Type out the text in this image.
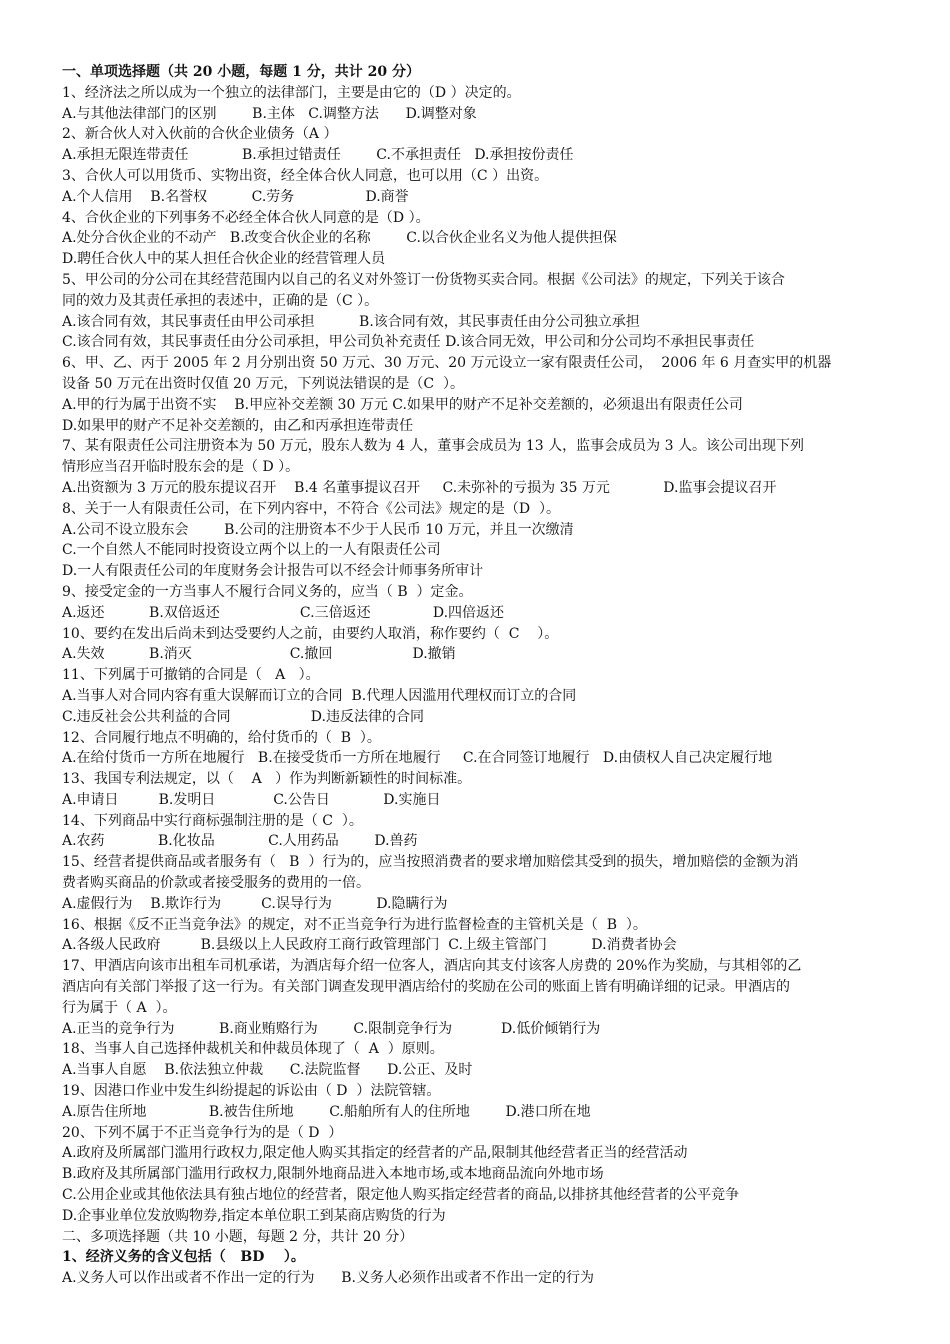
一、单项选择题（共 20 小题，每题 1 分，共计 20 分）
1、经济法之所以成为一个独立的法律部门，主要是由它的（D ）决定的。
A.与其他法律部门的区别        B.主体   C.调整方法      D.调整对象
2、新合伙人对入伙前的合伙企业债务（A ）
A.承担无限连带责任            B.承担过错责任        C.不承担责任   D.承担按份责任
3、合伙人可以用货币、实物出资，经全体合伙人同意，也可以用（C ）出资。
A.个人信用    B.名誉权          C.劳务                D.商誉
4、合伙企业的下列事务不必经全体合伙人同意的是（D ）。
A.处分合伙企业的不动产   B.改变合伙企业的名称        C.以合伙企业名义为他人提供担保
D.聘任合伙人中的某人担任合伙企业的经营管理人员
5、甲公司的分公司在其经营范围内以自己的名义对外签订一份货物买卖合同。根据《公司法》的规定，下列关于该合
同的效力及其责任承担的表述中，正确的是（C ）。
A.该合同有效，其民事责任由甲公司承担          B.该合同有效，其民事责任由分公司独立承担
C.该合同有效，其民事责任由分公司承担，甲公司负补充责任 D.该合同无效，甲公司和分公司均不承担民事责任
6、甲、乙、丙于 2005 年 2 月分别出资 50 万元、30 万元、20 万元设立一家有限责任公司，  2006 年 6 月查实甲的机器
设备 50 万元在出资时仅值 20 万元，下列说法错误的是（C  ）。
A.甲的行为属于出资不实    B.甲应补交差额 30 万元 C.如果甲的财产不足补交差额的，必须退出有限责任公司
D.如果甲的财产不足补交差额的，由乙和丙承担连带责任
7、某有限责任公司注册资本为 50 万元，股东人数为 4 人，董事会成员为 13 人，监事会成员为 3 人。该公司出现下列
情形应当召开临时股东会的是（ D ）。
A.出资额为 3 万元的股东提议召开    B.4 名董事提议召开     C.未弥补的亏损为 35 万元            D.监事会提议召开
8、关于一人有限责任公司，在下列内容中，不符合《公司法》规定的是（D  ）。
A.公司不设立股东会        B.公司的注册资本不少于人民币 10 万元，并且一次缴清
C.一个自然人不能同时投资设立两个以上的一人有限责任公司
D.一人有限责任公司的年度财务会计报告可以不经会计师事务所审计
9、接受定金的一方当事人不履行合同义务的，应当（ B  ）定金。
A.返还          B.双倍返还                  C.三倍返还              D.四倍返还
10、要约在发出后尚未到达受要约人之前，由要约人取消，称作要约（  C    ）。
A.失效          B.消灭                      C.撤回                  D.撤销
11、下列属于可撤销的合同是（   A   ）。
A.当事人对合同内容有重大误解而订立的合同  B.代理人因滥用代理权而订立的合同
C.违反社会公共利益的合同                  D.违反法律的合同
12、合同履行地点不明确的，给付货币的（  B  ）。
A.在给付货币一方所在地履行   B.在接受货币一方所在地履行     C.在合同签订地履行   D.由债权人自己决定履行地
13、我国专利法规定，以（    A   ）作为判断新颖性的时间标准。
A.申请日         B.发明日             C.公告日            D.实施日
14、下列商品中实行商标强制注册的是（ C  ）。
A.农药            B.化妆品            C.人用药品        D.兽药
15、经营者提供商品或者服务有（   B  ）行为的，应当按照消费者的要求增加赔偿其受到的损失，增加赔偿的金额为消
费者购买商品的价款或者接受服务的费用的一倍。
A.虚假行为    B.欺诈行为         C.误导行为          D.隐瞒行为
16、根据《反不正当竞争法》的规定，对不正当竞争行为进行监督检查的主管机关是（  B  ）。
A.各级人民政府         B.县级以上人民政府工商行政管理部门  C.上级主管部门          D.消费者协会
17、甲酒店向该市出租车司机承诺，为酒店每介绍一位客人，酒店向其支付该客人房费的 20%作为奖励，与其相邻的乙
酒店向有关部门举报了这一行为。有关部门调查发现甲酒店给付的奖励在公司的账面上皆有明确详细的记录。甲酒店的
行为属于（ A  ）。
A.正当的竞争行为          B.商业贿赂行为        C.限制竞争行为           D.低价倾销行为
18、当事人自己选择仲裁机关和仲裁员体现了（  A  ）原则。
A.当事人自愿    B.依法独立仲裁      C.法院监督      D.公正、及时
19、因港口作业中发生纠纷提起的诉讼由（ D  ）法院管辖。
A.原告住所地              B.被告住所地        C.船舶所有人的住所地        D.港口所在地
20、下列不属于不正当竞争行为的是（ D  ）
A.政府及所属部门滥用行政权力,限定他人购买其指定的经营者的产品,限制其他经营者正当的经营活动
B.政府及其所属部门滥用行政权力,限制外地商品进入本地市场,或本地商品流向外地市场
C.公用企业或其他依法具有独占地位的经营者，限定他人购买指定经营者的商品,以排挤其他经营者的公平竞争
D.企事业单位发放购物券,指定本单位职工到某商店购货的行为
二、多项选择题（共 10 小题，每题 2 分，共计 20 分）
1、经济义务的含义包括（   BD    ）。
A.义务人可以作出或者不作出一定的行为      B.义务人必须作出或者不作出一定的行为
